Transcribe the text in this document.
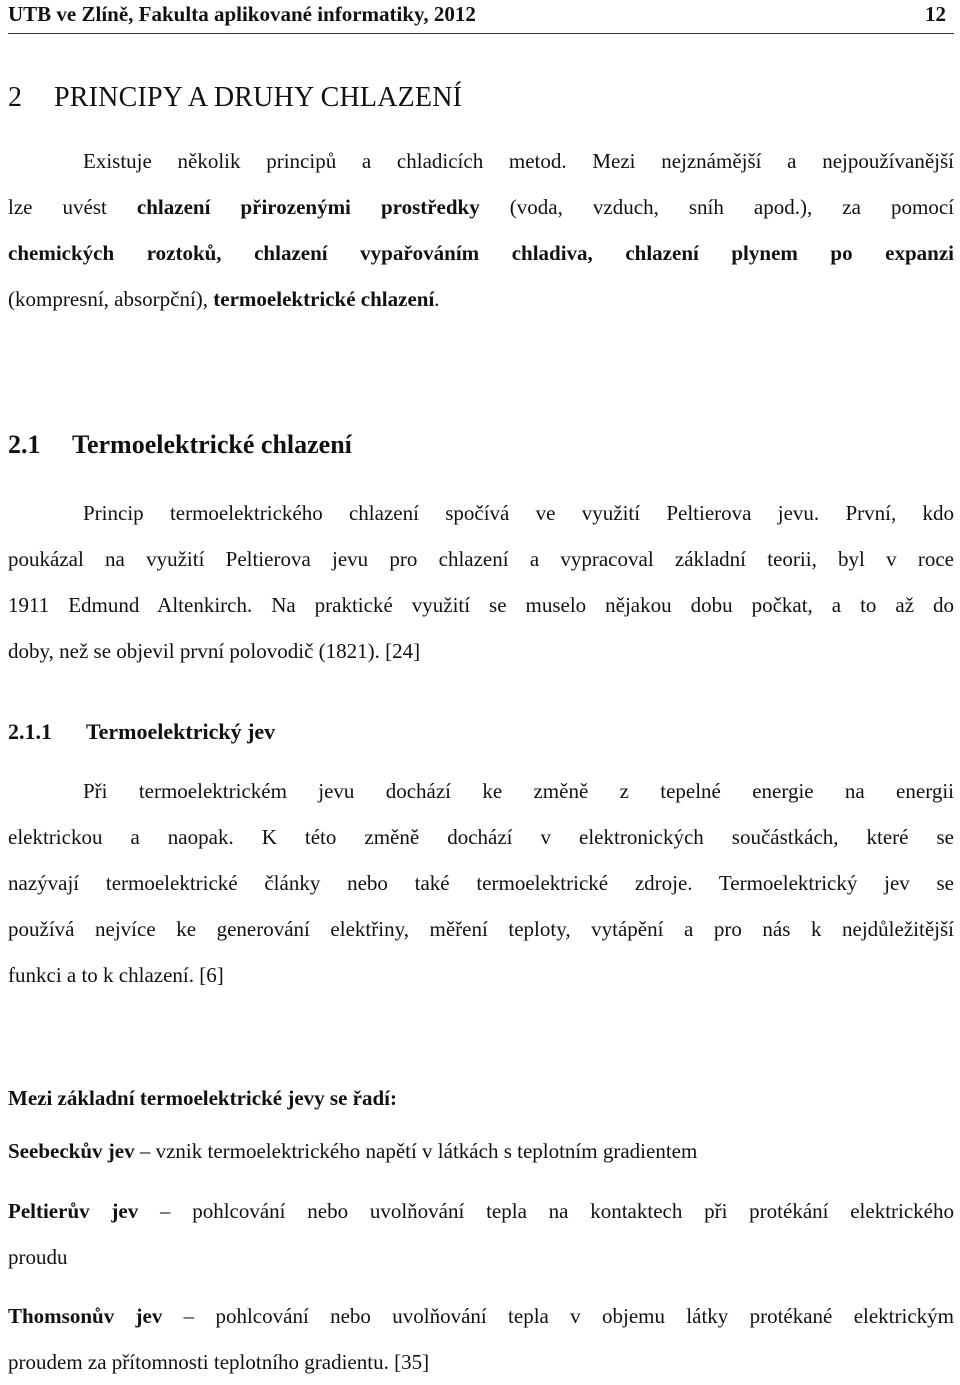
UTB ve Zlíně, Fakulta aplikované informatiky, 2012	12
2 PRINCIPY A DRUHY CHLAZENÍ
Existuje několik principů a chladicích metod. Mezi nejznámější a nejpoužívanější
lze uvést chlazení přirozenými prostředky (voda, vzduch, sníh apod.), za pomocí
chemických roztoků, chlazení vypařováním chladiva, chlazení plynem po expanzi
(kompresní, absorpční), termoelektrické chlazení.
2.1 Termoelektrické chlazení
Princip termoelektrického chlazení spočívá ve využití Peltierova jevu. První, kdo
poukázal na využití Peltierova jevu pro chlazení a vypracoval základní teorii, byl v roce
1911 Edmund Altenkirch. Na praktické využití se muselo nějakou dobu počkat, a to až do
doby, než se objevil první polovodič (1821). [24]
2.1.1 Termoelektrický jev
Při termoelektrickém jevu dochází ke změně z tepelné energie na energii
elektrickou a naopak. K této změně dochází v elektronických součástkách, které se
nazývají termoelektrické články nebo také termoelektrické zdroje. Termoelektrický jev se
používá nejvíce ke generování elektřiny, měření teploty, vytápění a pro nás k nejdůležitější
funkci a to k chlazení. [6]
Mezi základní termoelektrické jevy se řadí:
Seebeckův jev – vznik termoelektrického napětí v látkách s teplotním gradientem
Peltierův jev – pohlcování nebo uvolňování tepla na kontaktech při protékání elektrického
proudu
Thomsonův jev – pohlcování nebo uvolňování tepla v objemu látky protékané elektrickým
proudem za přítomnosti teplotního gradientu. [35]
